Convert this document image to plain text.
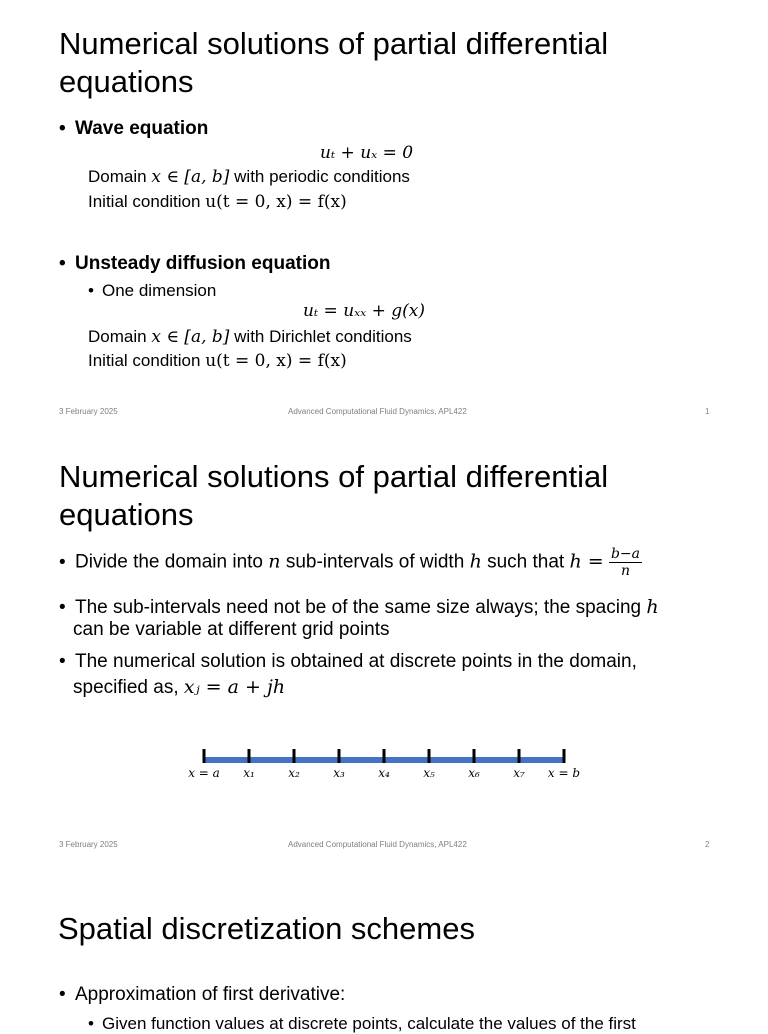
Numerical solutions of partial differential
equations
• Wave equation
uₜ + uₓ = 0
Domain x ∈ [a, b] with periodic conditions
Initial condition u(t = 0, x) = f(x)
• Unsteady diffusion equation
• One dimension
uₜ = uₓₓ + g(x)
Domain x ∈ [a, b] with Dirichlet conditions
Initial condition u(t = 0, x) = f(x)
3 February 2025	Advanced Computational Fluid Dynamics, APL422	1
Numerical solutions of partial differential
equations
• Divide the domain into n sub-intervals of width h such that $h = \frac{b-a}{n}$
• The sub-intervals need not be of the same size always; the spacing h
can be variable at different grid points
• The numerical solution is obtained at discrete points in the domain,
specified as, xⱼ = a + jh
x = a x₁	x₂	x₃	x₄	x₅	x₆	x₇ x = b
3 February 2025	Advanced Computational Fluid Dynamics, APL422	2
Spatial discretization schemes
• Approximation of first derivative:
• Given function values at discrete points, calculate the values of the first
